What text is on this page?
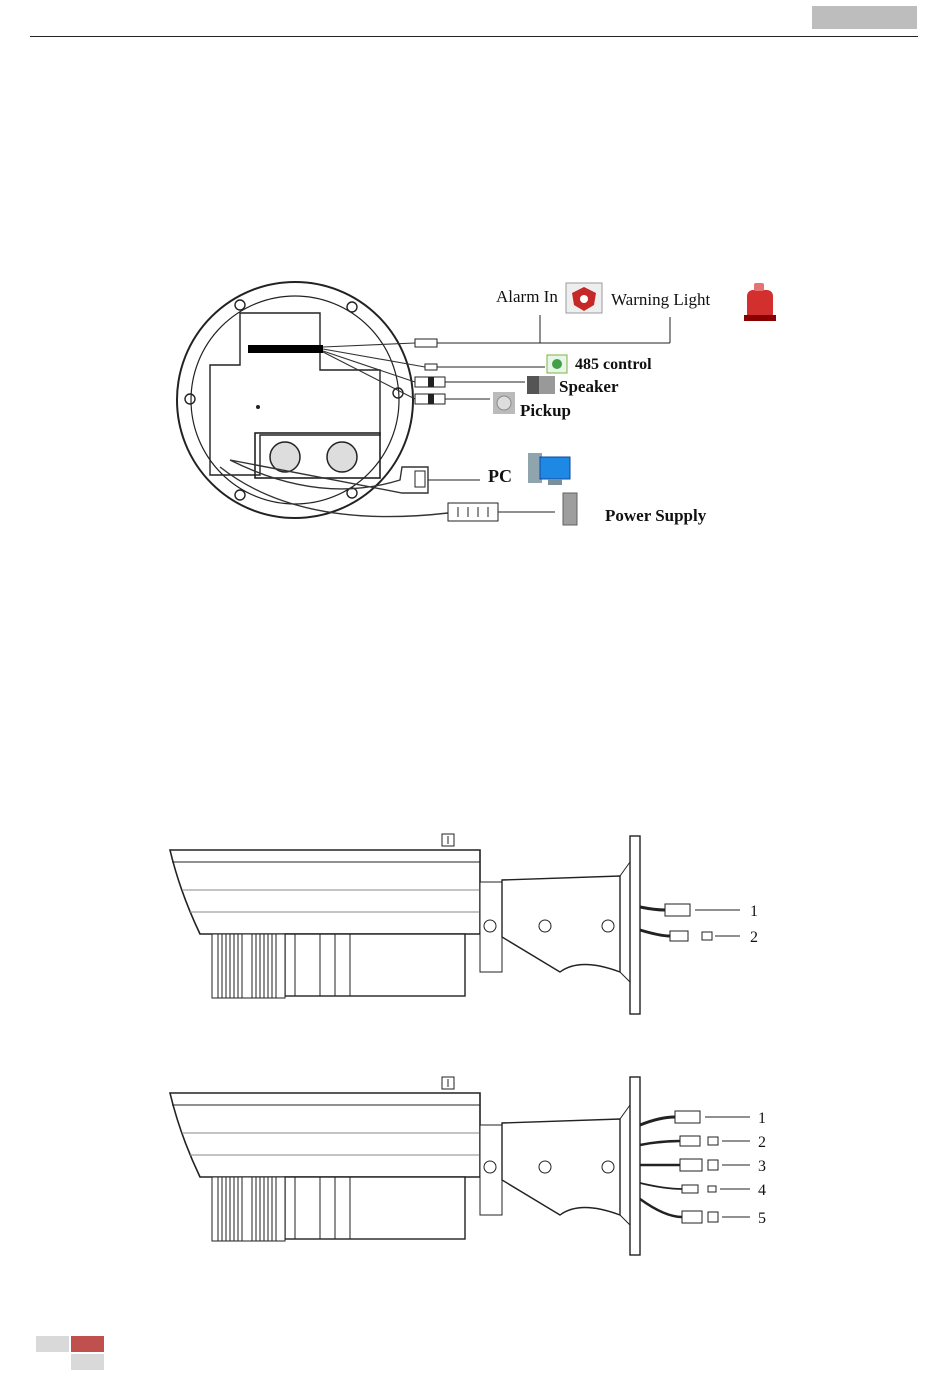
Alarm In	Warning Light
485 control
Speaker
Pickup
PC
Power Supply
1
2
1
2
3
4
5
